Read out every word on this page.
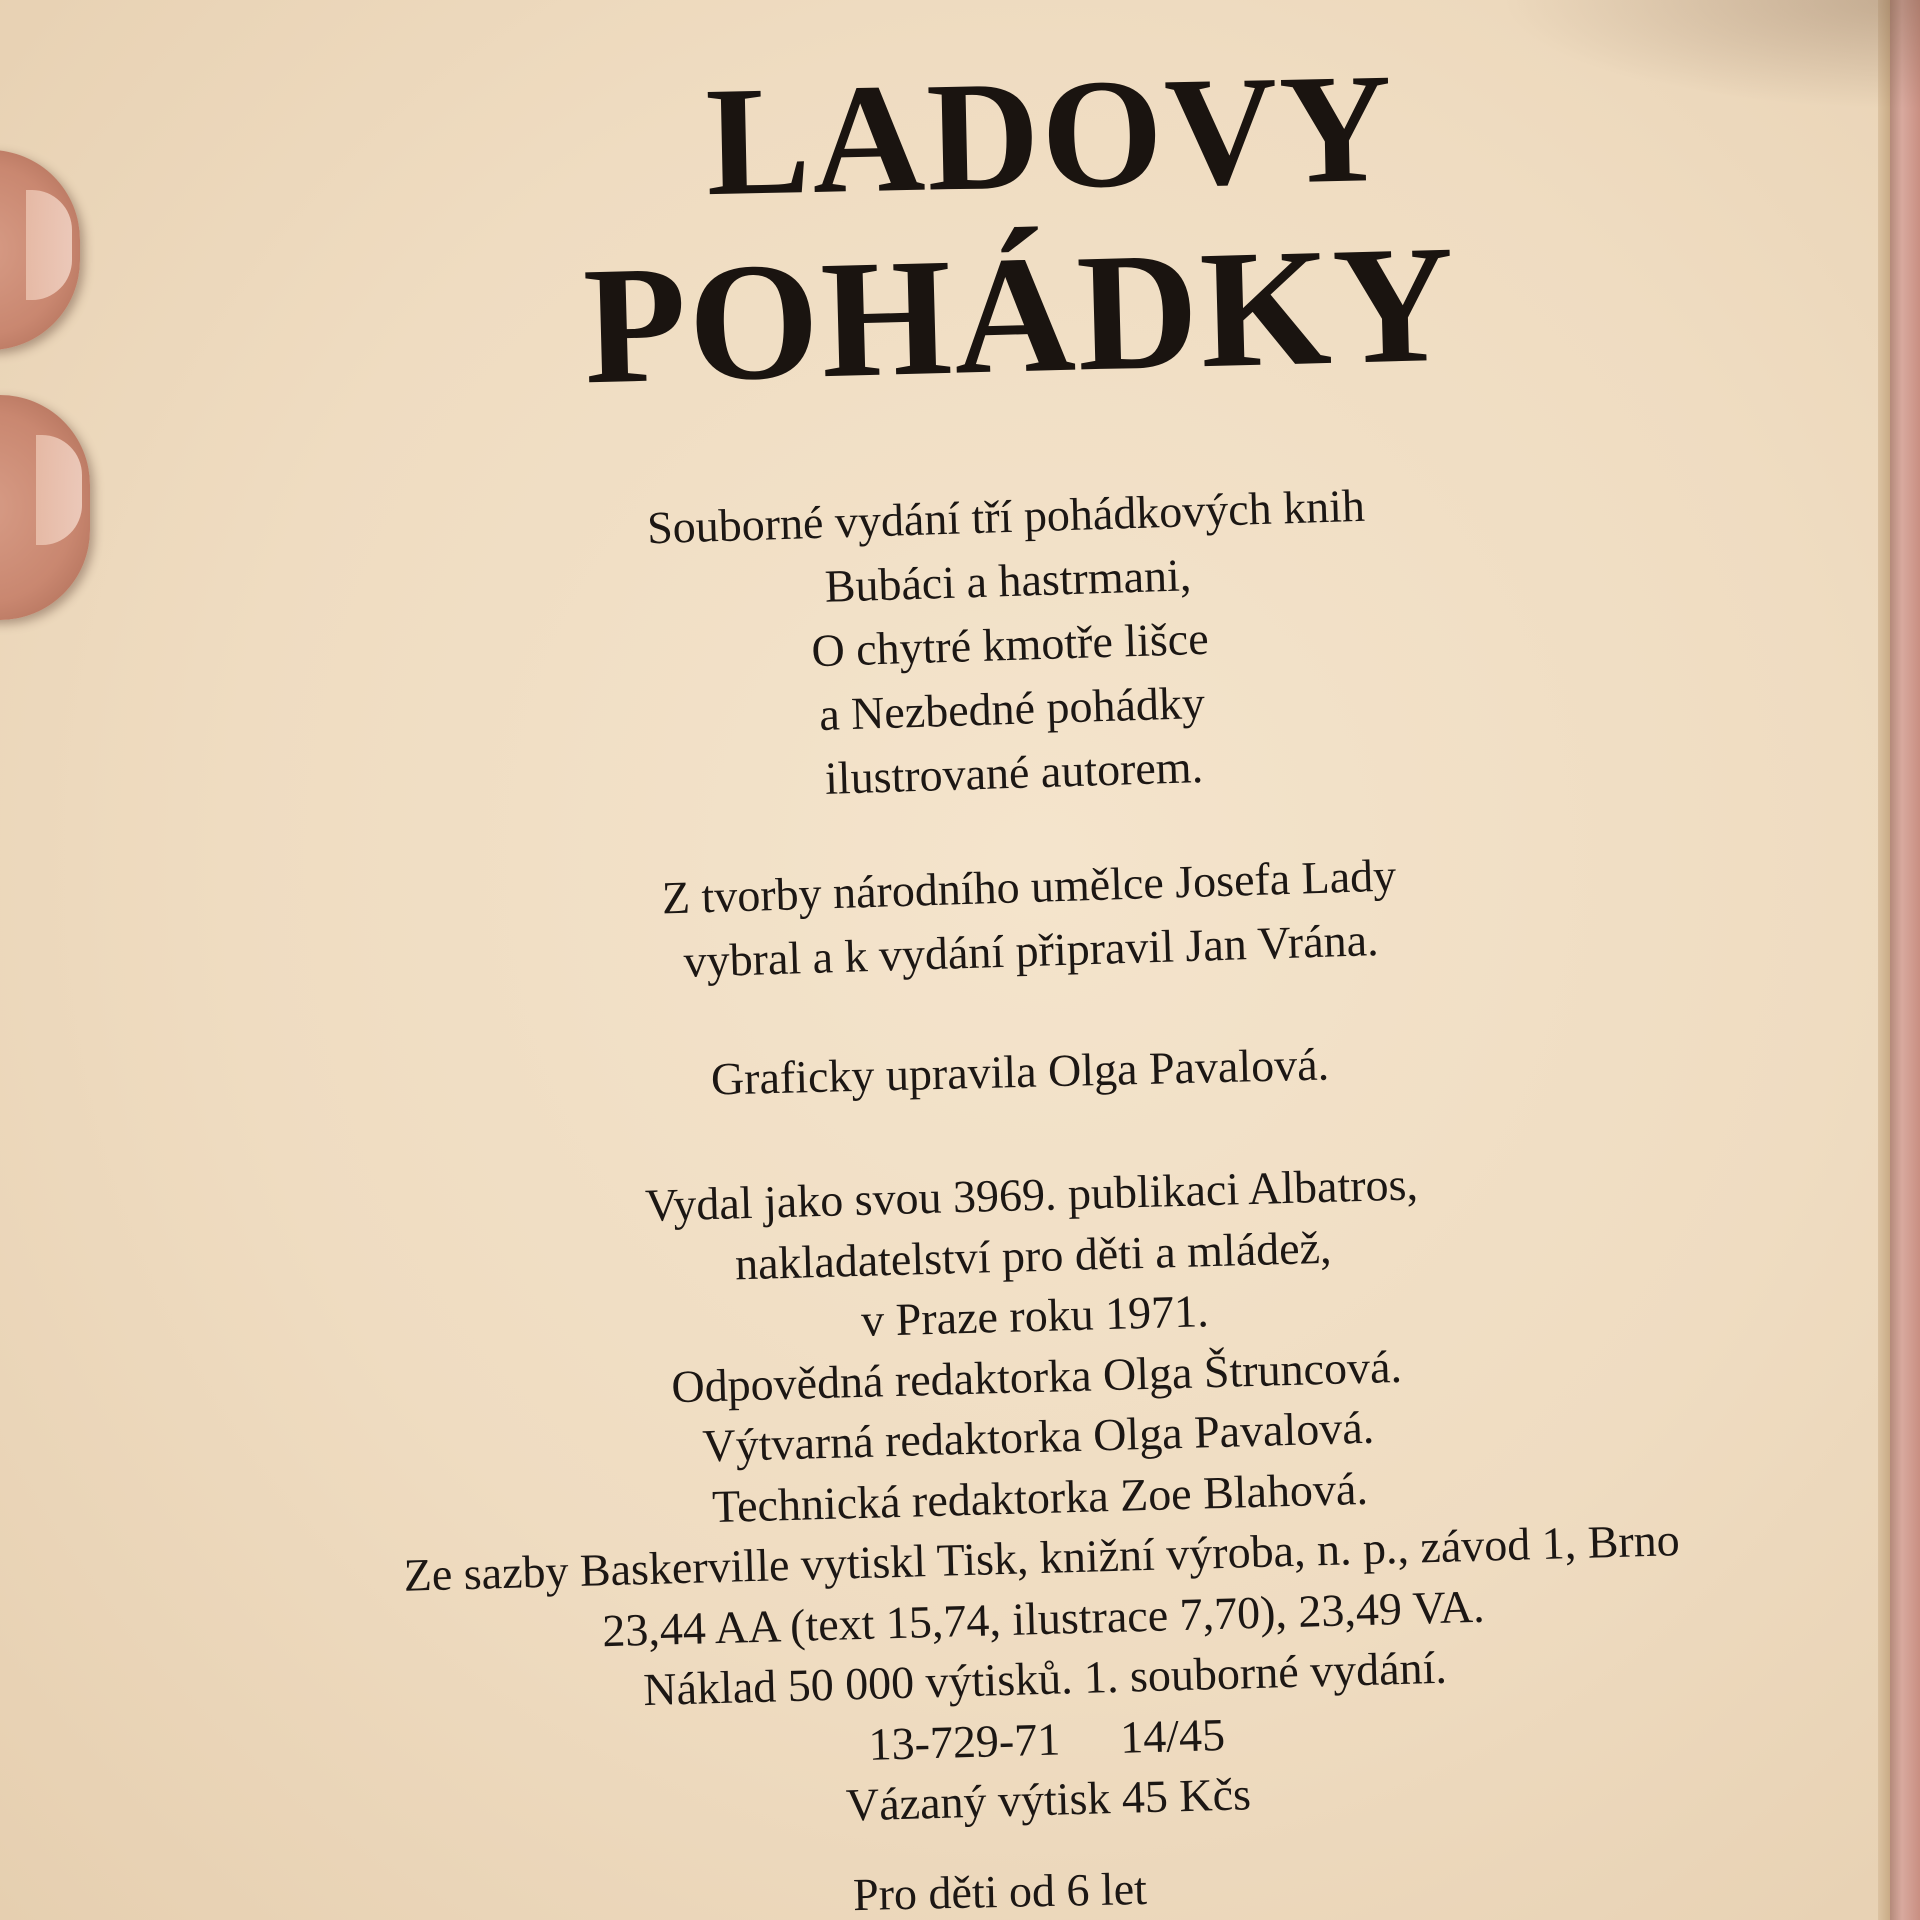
LADOVY
POHÁDKY
Souborné vydání tří pohádkových knih
Bubáci a hastrmani,
O chytré kmotře lišce
a Nezbedné pohádky
ilustrované autorem.
Z tvorby národního umělce Josefa Lady
vybral a k vydání připravil Jan Vrána.
Graficky upravila Olga Pavalová.
Vydal jako svou 3969. publikaci Albatros,
nakladatelství pro děti a mládež,
v Praze roku 1971.
Odpovědná redaktorka Olga Štruncová.
Výtvarná redaktorka Olga Pavalová.
Technická redaktorka Zoe Blahová.
Ze sazby Baskerville vytiskl Tisk, knižní výroba, n. p., závod 1, Brno
23,44 AA (text 15,74, ilustrace 7,70), 23,49 VA.
Náklad 50 000 výtisků. 1. souborné vydání.
13-729-71 14/45
Vázaný výtisk 45 Kčs
Pro děti od 6 let
